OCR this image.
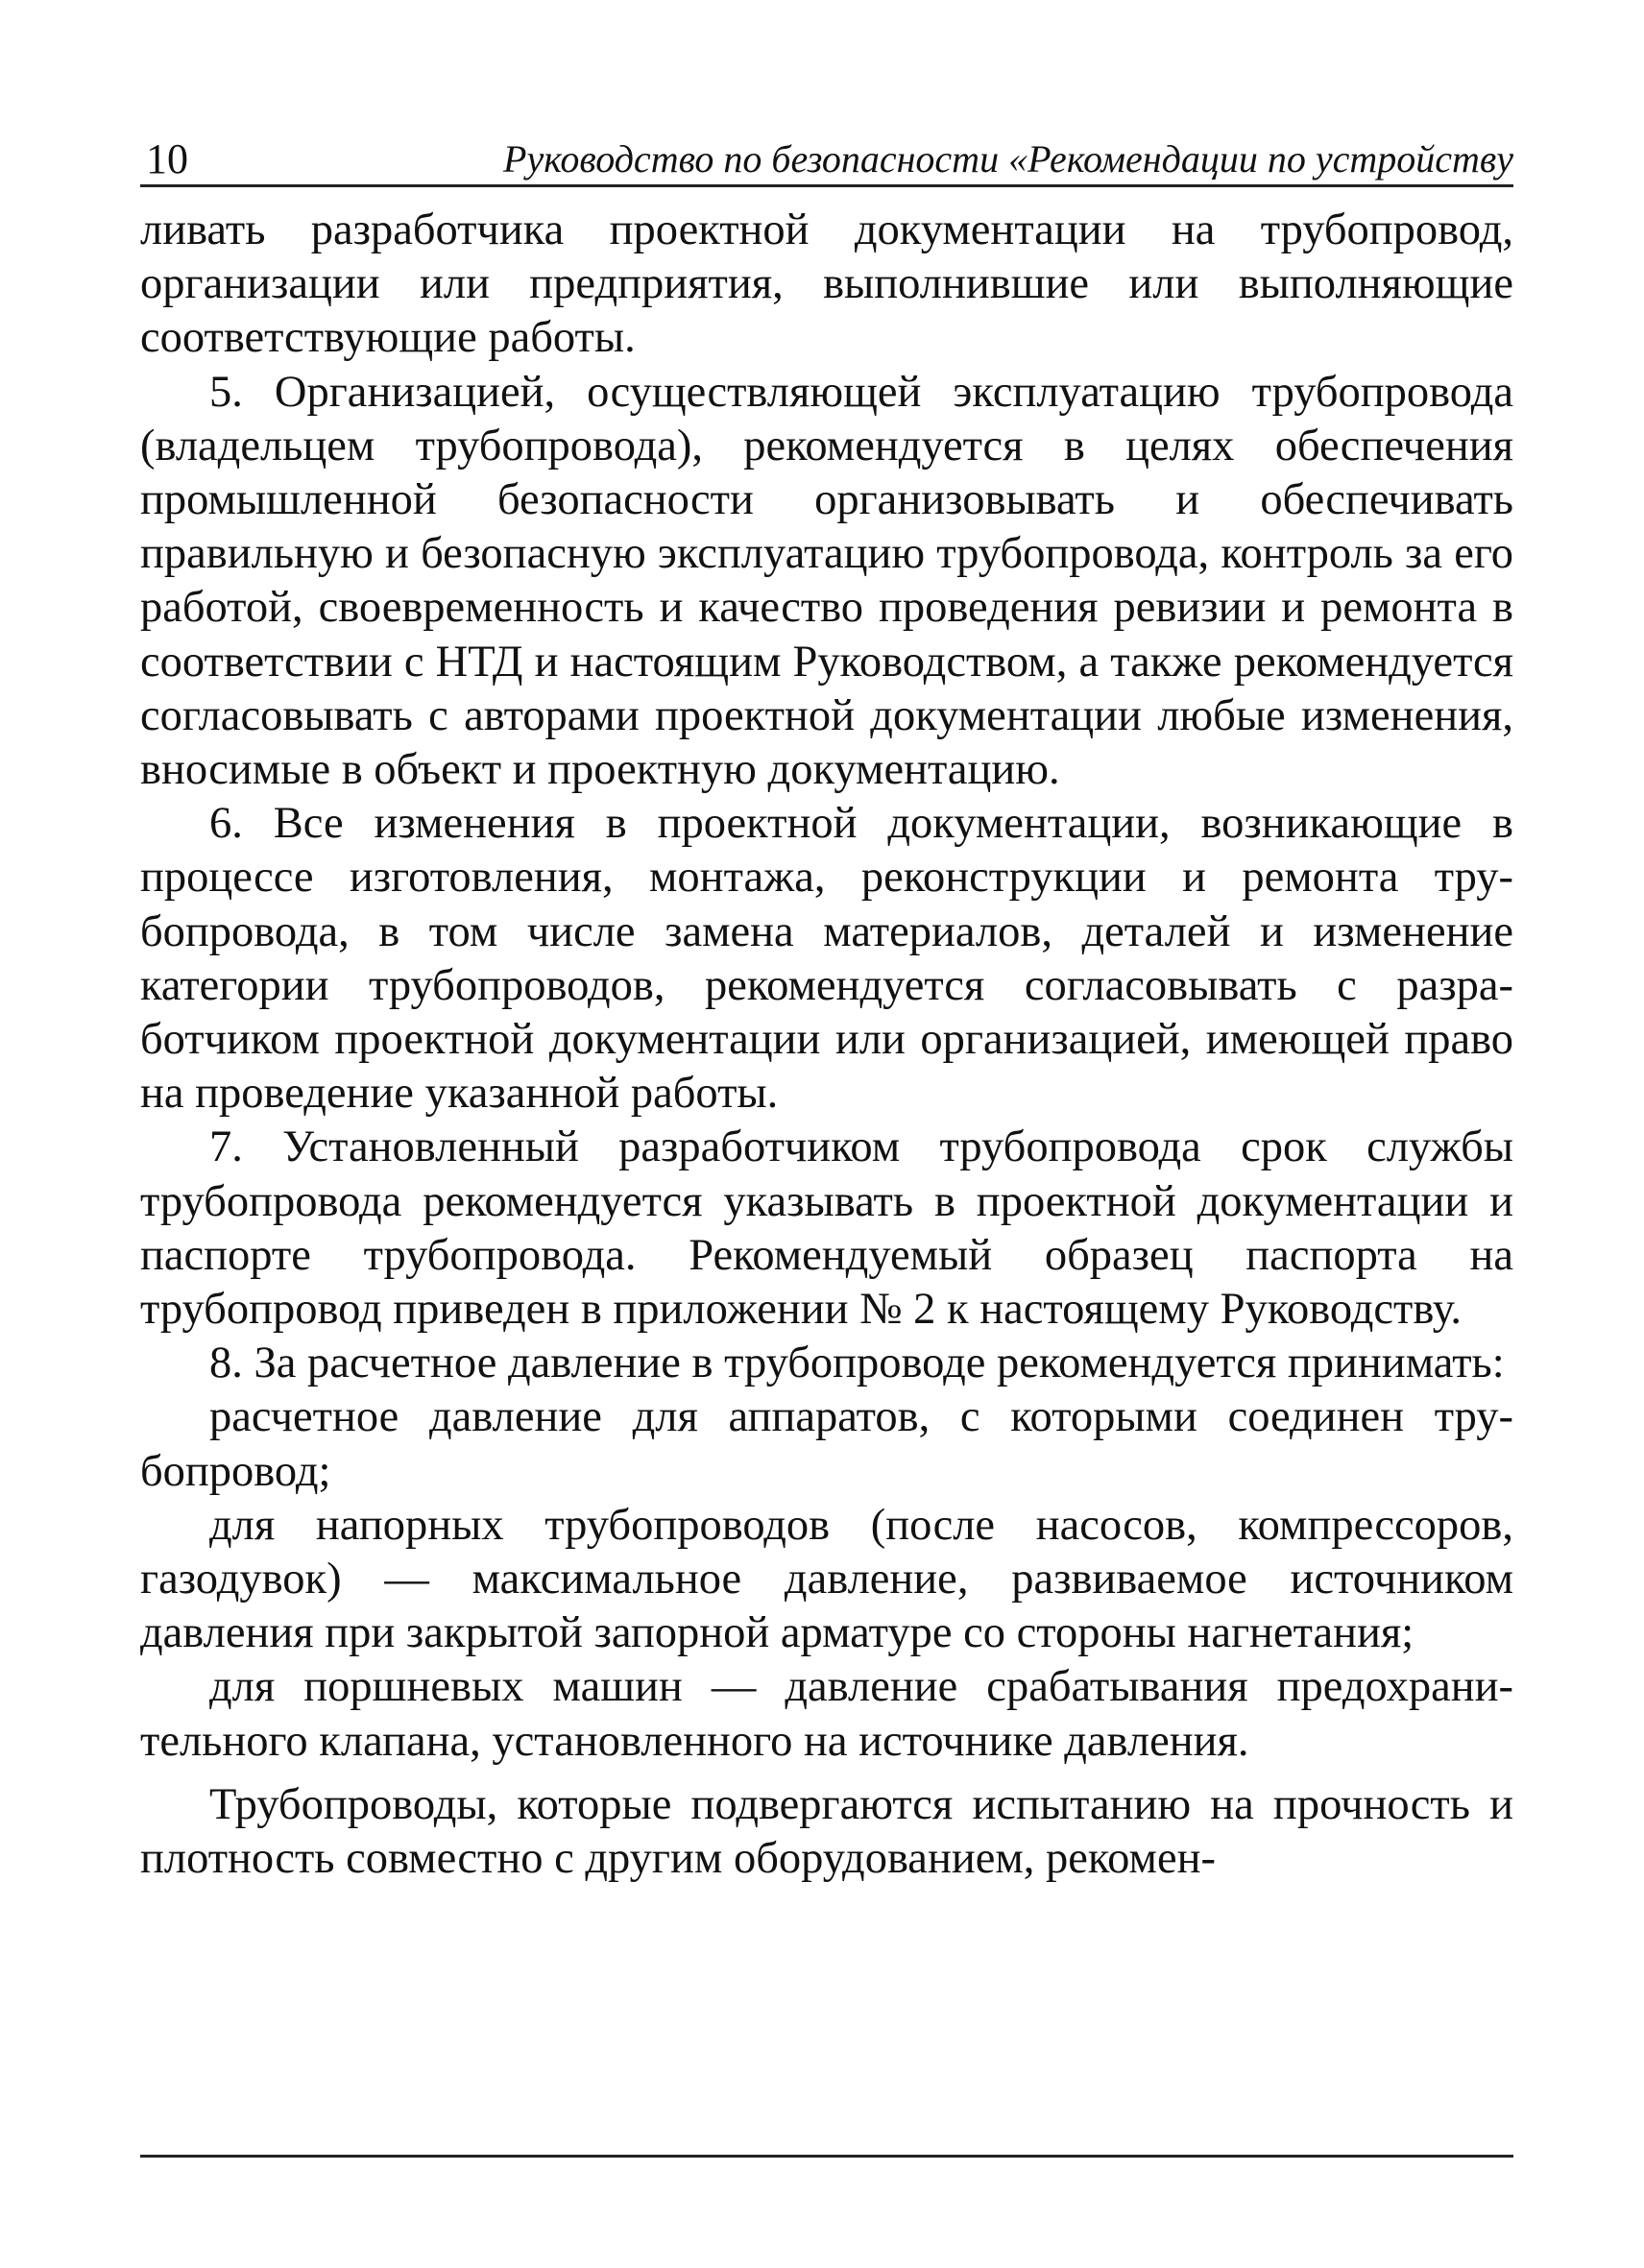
10	Руководство по безопасности «Рекомендации по устройству

ливать разработчика проектной документации на трубопровод, организации или предприятия, выполнившие или выполняющие соответствующие работы.

5. Организацией, осуществляющей эксплуатацию трубопровода (владельцем трубопровода), рекомендуется в целях обеспечения промышленной безопасности организовывать и обеспечивать правильную и безопасную эксплуатацию трубопровода, контроль за его работой, своевременность и качество проведения ревизии и ремонта в соответствии с НТД и настоящим Руководством, а также рекомендуется согласовывать с авторами проектной документации любые изменения, вносимые в объект и проектную документацию.

6. Все изменения в проектной документации, возникающие в процессе изготовления, монтажа, реконструкции и ремонта трубопровода, в том числе замена материалов, деталей и изменение категории трубопроводов, рекомендуется согласовывать с разработчиком проектной документации или организацией, имеющей право на проведение указанной работы.

7. Установленный разработчиком трубопровода срок службы трубопровода рекомендуется указывать в проектной документации и паспорте трубопровода. Рекомендуемый образец паспорта на трубопровод приведен в приложении № 2 к настоящему Руководству.

8. За расчетное давление в трубопроводе рекомендуется принимать:

расчетное давление для аппаратов, с которыми соединен трубопровод;

для напорных трубопроводов (после насосов, компрессоров, газодувок) — максимальное давление, развиваемое источником давления при закрытой запорной арматуре со стороны нагнетания;

для поршневых машин — давление срабатывания предохранительного клапана, установленного на источнике давления.

Трубопроводы, которые подвергаются испытанию на прочность и плотность совместно с другим оборудованием, рекомен-
